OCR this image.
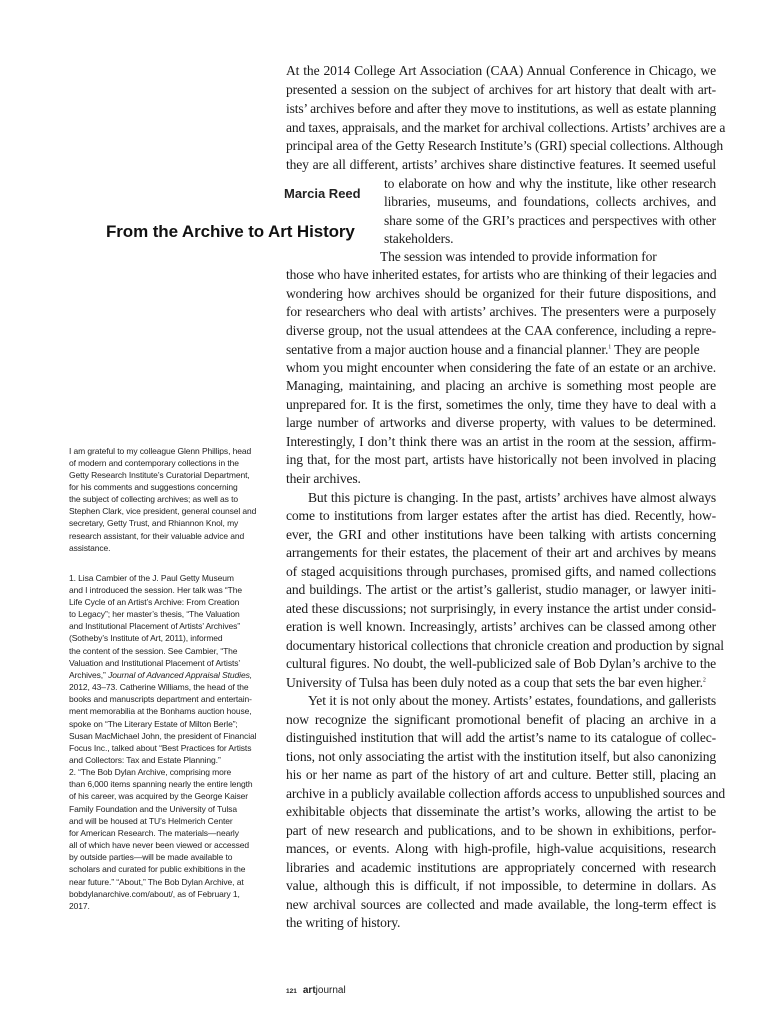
Marcia Reed
From the Archive to Art History
At the 2014 College Art Association (CAA) Annual Conference in Chicago, we
presented a session on the subject of archives for art history that dealt with art-
ists’ archives before and after they move to institutions, as well as estate planning
and taxes, appraisals, and the market for archival collections. Artists’ archives are a
principal area of the Getty Research Institute’s (GRI) special collections. Although
they are all different, artists’ archives share distinctive features. It seemed useful
to elaborate on how and why the institute, like other research
libraries, museums, and foundations, collects archives, and
share some of the GRI’s practices and perspectives with other
stakeholders.
The session was intended to provide information for
those who have inherited estates, for artists who are thinking of their legacies and
wondering how archives should be organized for their future dispositions, and
for researchers who deal with artists’ archives. The presenters were a purposely
diverse group, not the usual attendees at the CAA conference, including a repre-
sentative from a major auction house and a financial planner.$^1$ They are people
whom you might encounter when considering the fate of an estate or an archive.
Managing, maintaining, and placing an archive is something most people are
unprepared for. It is the first, sometimes the only, time they have to deal with a
large number of artworks and diverse property, with values to be determined.
Interestingly, I don’t think there was an artist in the room at the session, affirm-
ing that, for the most part, artists have historically not been involved in placing
their archives.
But this picture is changing. In the past, artists’ archives have almost always
come to institutions from larger estates after the artist has died. Recently, how-
ever, the GRI and other institutions have been talking with artists concerning
arrangements for their estates, the placement of their art and archives by means
of staged acquisitions through purchases, promised gifts, and named collections
and buildings. The artist or the artist’s gallerist, studio manager, or lawyer initi-
ated these discussions; not surprisingly, in every instance the artist under consid-
eration is well known. Increasingly, artists’ archives can be classed among other
documentary historical collections that chronicle creation and production by signal
cultural figures. No doubt, the well-publicized sale of Bob Dylan’s archive to the
University of Tulsa has been duly noted as a coup that sets the bar even higher.$^2$
Yet it is not only about the money. Artists’ estates, foundations, and gallerists
now recognize the significant promotional benefit of placing an archive in a
distinguished institution that will add the artist’s name to its catalogue of collec-
tions, not only associating the artist with the institution itself, but also canonizing
his or her name as part of the history of art and culture. Better still, placing an
archive in a publicly available collection affords access to unpublished sources and
exhibitable objects that disseminate the artist’s works, allowing the artist to be
part of new research and publications, and to be shown in exhibitions, perfor-
mances, or events. Along with high-profile, high-value acquisitions, research
libraries and academic institutions are appropriately concerned with research
value, although this is difficult, if not impossible, to determine in dollars. As
new archival sources are collected and made available, the long-term effect is
the writing of history.
I am grateful to my colleague Glenn Phillips, head
of modern and contemporary collections in the
Getty Research Institute’s Curatorial Department,
for his comments and suggestions concerning
the subject of collecting archives; as well as to
Stephen Clark, vice president, general counsel and
secretary, Getty Trust, and Rhiannon Knol, my
research assistant, for their valuable advice and
assistance.
1. Lisa Cambier of the J. Paul Getty Museum
and I introduced the session. Her talk was “The
Life Cycle of an Artist’s Archive: From Creation
to Legacy”; her master’s thesis, “The Valuation
and Institutional Placement of Artists’ Archives”
(Sotheby’s Institute of Art, 2011), informed
the content of the session. See Cambier, “The
Valuation and Institutional Placement of Artists’
Archives,” Journal of Advanced Appraisal Studies,
2012, 43–73. Catherine Williams, the head of the
books and manuscripts department and entertain-
ment memorabilia at the Bonhams auction house,
spoke on “The Literary Estate of Milton Berle”;
Susan MacMichael John, the president of Financial
Focus Inc., talked about “Best Practices for Artists
and Collectors: Tax and Estate Planning.”
2. “The Bob Dylan Archive, comprising more
than 6,000 items spanning nearly the entire length
of his career, was acquired by the George Kaiser
Family Foundation and the University of Tulsa
and will be housed at TU’s Helmerich Center
for American Research. The materials—nearly
all of which have never been viewed or accessed
by outside parties—will be made available to
scholars and curated for public exhibitions in the
near future.” “About,” The Bob Dylan Archive, at
bobdylanarchive.com/about/, as of February 1,
2017.
121 artjournal
